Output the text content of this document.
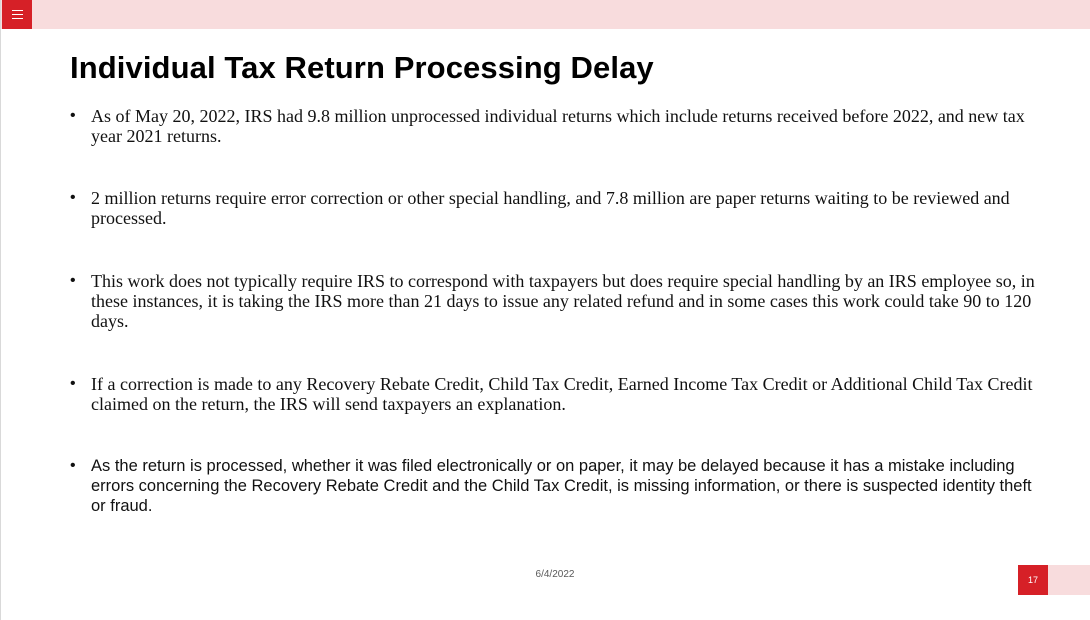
Individual Tax Return Processing Delay
• As of May 20, 2022, IRS had 9.8 million unprocessed individual returns which include returns received before 2022, and new tax year 2021 returns.
• 2 million returns require error correction or other special handling, and 7.8 million are paper returns waiting to be reviewed and processed.
• This work does not typically require IRS to correspond with taxpayers but does require special handling by an IRS employee so, in these instances, it is taking the IRS more than 21 days to issue any related refund and in some cases this work could take 90 to 120 days.
• If a correction is made to any Recovery Rebate Credit, Child Tax Credit, Earned Income Tax Credit or Additional Child Tax Credit claimed on the return, the IRS will send taxpayers an explanation.
• As the return is processed, whether it was filed electronically or on paper, it may be delayed because it has a mistake including errors concerning the Recovery Rebate Credit and the Child Tax Credit, is missing information, or there is suspected identity theft or fraud.
6/4/2022	17
